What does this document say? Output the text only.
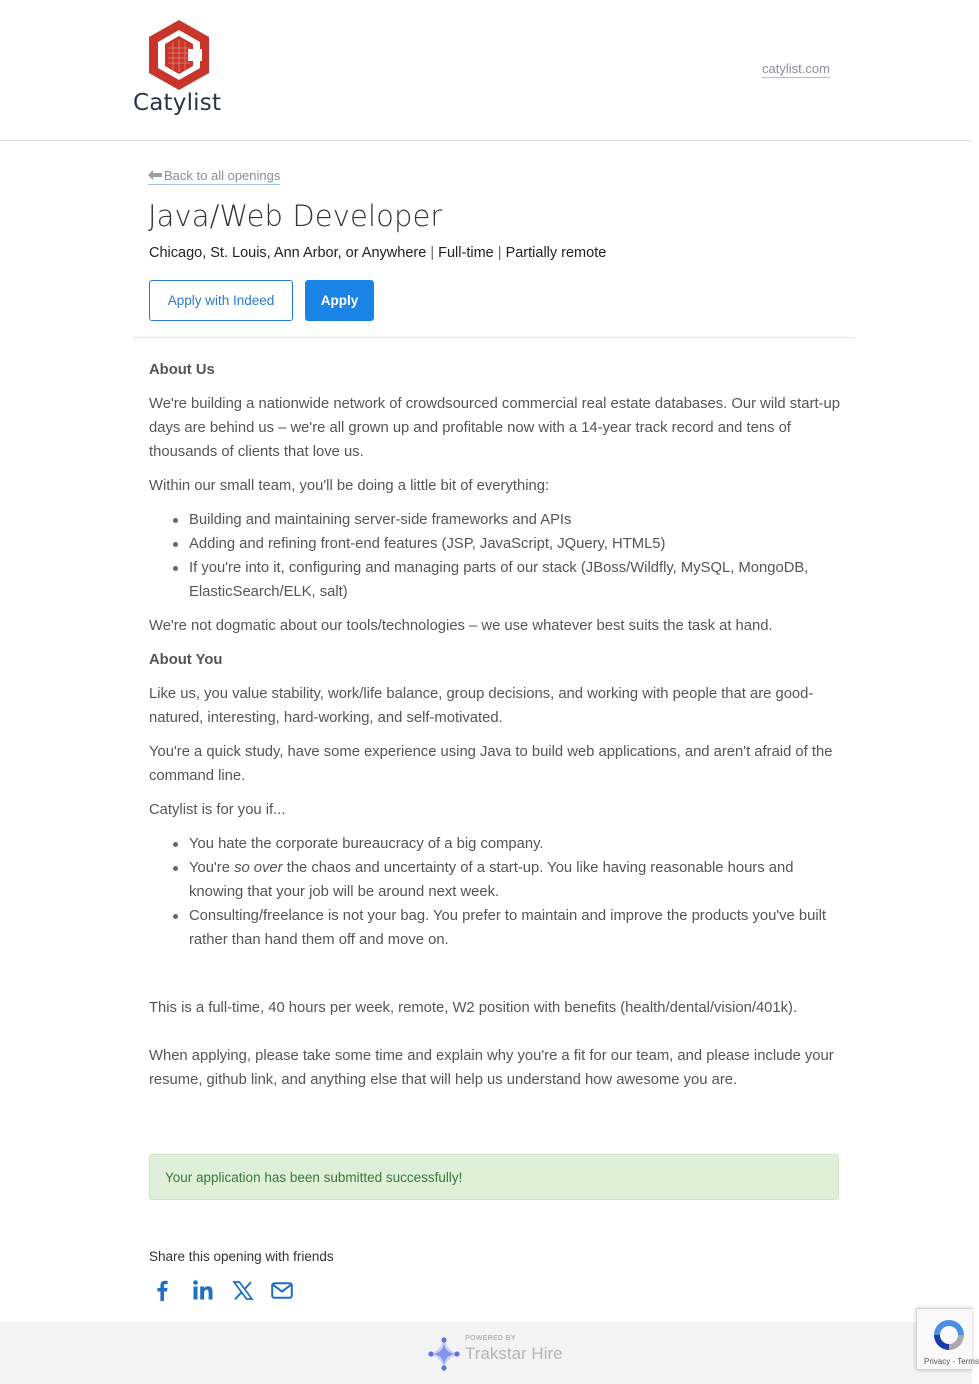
Catylist
catylist.com
Back to all openings
Java/Web Developer
Chicago, St. Louis, Ann Arbor, or Anywhere | Full-time | Partially remote
Apply with Indeed	Apply
About Us

We're building a nationwide network of crowdsourced commercial real estate databases. Our wild start-up days are behind us – we're all grown up and profitable now with a 14-year track record and tens of thousands of clients that love us.

Within our small team, you'll be doing a little bit of everything:

Building and maintaining server-side frameworks and APIs
Adding and refining front-end features (JSP, JavaScript, JQuery, HTML5)
If you're into it, configuring and managing parts of our stack (JBoss/Wildfly, MySQL, MongoDB, ElasticSearch/ELK, salt)

We're not dogmatic about our tools/technologies – we use whatever best suits the task at hand.

About You

Like us, you value stability, work/life balance, group decisions, and working with people that are good-natured, interesting, hard-working, and self-motivated.

You're a quick study, have some experience using Java to build web applications, and aren't afraid of the command line.

Catylist is for you if...

You hate the corporate bureaucracy of a big company.
You're so over the chaos and uncertainty of a start-up. You like having reasonable hours and knowing that your job will be around next week.
Consulting/freelance is not your bag. You prefer to maintain and improve the products you've built rather than hand them off and move on.

This is a full-time, 40 hours per week, remote, W2 position with benefits (health/dental/vision/401k).

When applying, please take some time and explain why you're a fit for our team, and please include your resume, github link, and anything else that will help us understand how awesome you are.

Your application has been submitted successfully!
Share this opening with friends
POWERED BY
Trakstar Hire	Privacy - Terms
